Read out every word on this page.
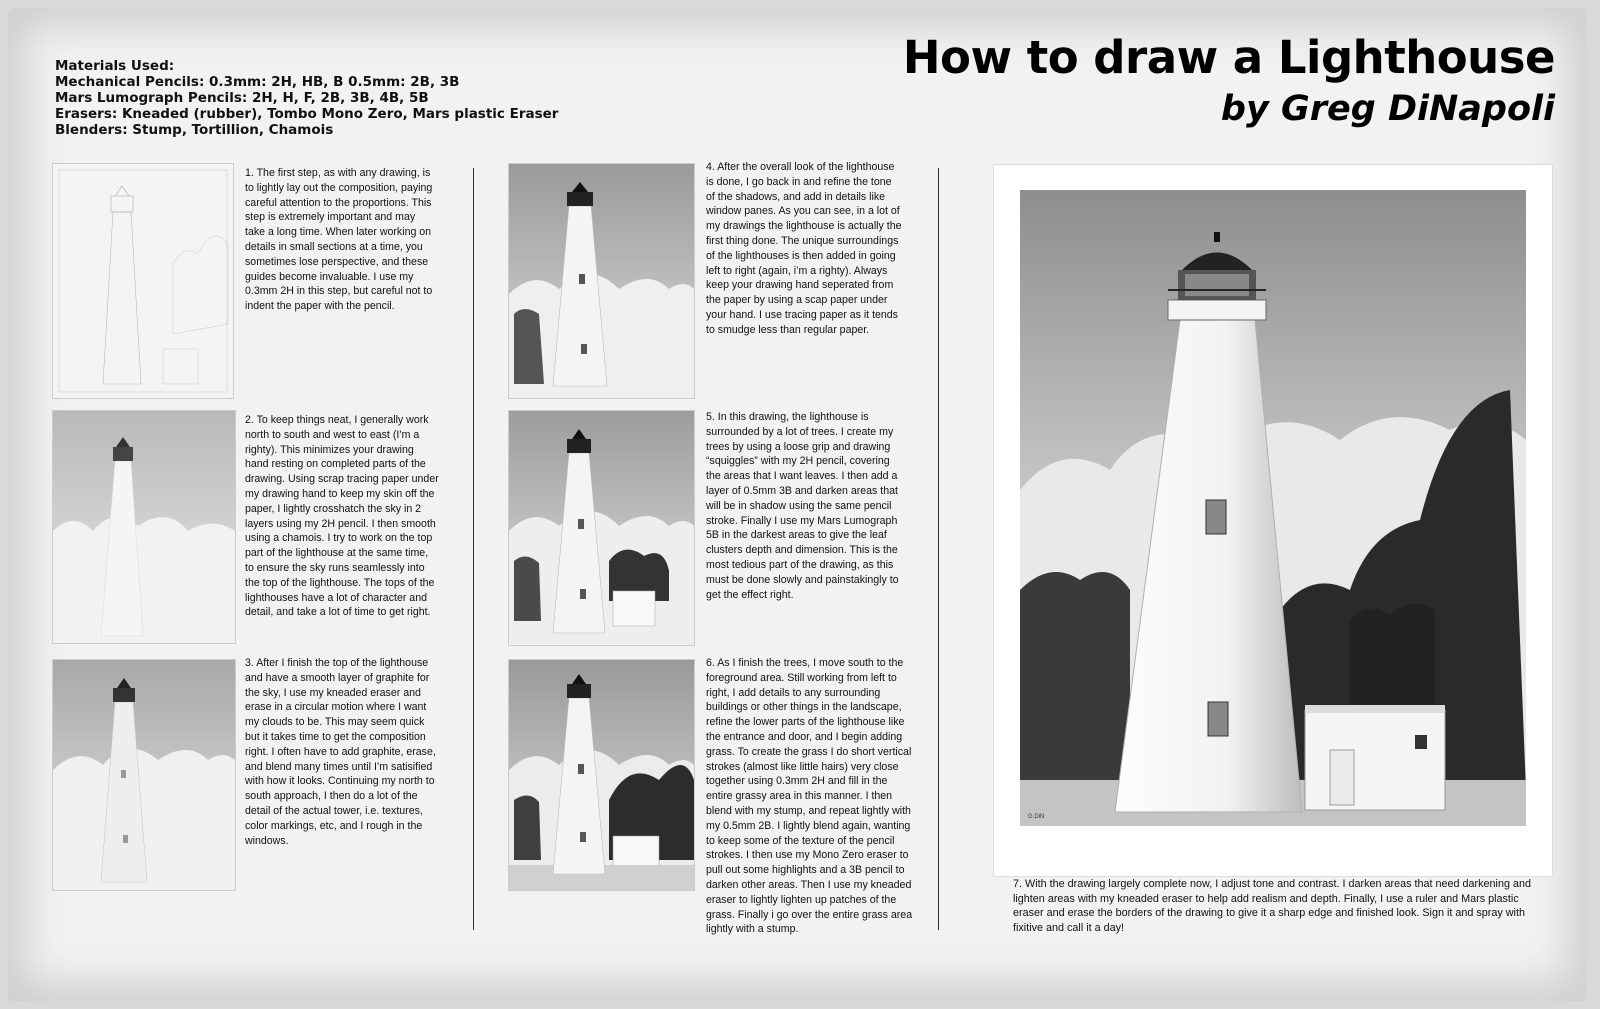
Materials Used:
Mechanical Pencils: 0.3mm: 2H, HB, B 0.5mm: 2B, 3B
Mars Lumograph Pencils: 2H, H, F, 2B, 3B, 4B, 5B
Erasers: Kneaded (rubber), Tombo Mono Zero, Mars plastic Eraser
Blenders: Stump, Tortillion, Chamois
How to draw a Lighthouse
by Greg DiNapoli
1. The first step, as with any drawing, is to lightly lay out the composition, paying careful attention to the proportions. This step is extremely important and may take a long time. When later working on details in small sections at a time, you sometimes lose perspective, and these guides become invaluable. I use my 0.3mm 2H in this step, but careful not to indent the paper with the pencil.
2. To keep things neat, I generally work north to south and west to east (I’m a righty). This minimizes your drawing hand resting on completed parts of the drawing. Using scrap tracing paper under my drawing hand to keep my skin off the paper, I lightly crosshatch the sky in 2 layers using my 2H pencil. I then smooth using a chamois. I try to work on the top part of the lighthouse at the same time, to ensure the sky runs seamlessly into the top of the lighthouse. The tops of the lighthouses have a lot of character and detail, and take a lot of time to get right.
3. After I finish the top of the lighthouse and have a smooth layer of graphite for the sky, I use my kneaded eraser and erase in a circular motion where I want my clouds to be. This may seem quick but it takes time to get the composition right. I often have to add graphite, erase, and blend many times until I’m satisified with how it looks. Continuing my north to south approach, I then do a lot of the detail of the actual tower, i.e. textures, color markings, etc, and I rough in the windows.
4. After the overall look of the lighthouse is done, I go back in and refine the tone of the shadows, and add in details like window panes. As you can see, in a lot of my drawings the lighthouse is actually the first thing done. The unique surroundings of the lighthouses is then added in going left to right (again, i’m a righty). Always keep your drawing hand seperated from the paper by using a scap paper under your hand. I use tracing paper as it tends to smudge less than regular paper.
5. In this drawing, the lighthouse is surrounded by a lot of trees. I create my trees by using a loose grip and drawing “squiggles” with my 2H pencil, covering the areas that I want leaves. I then add a layer of 0.5mm 3B and darken areas that will be in shadow using the same pencil stroke. Finally I use my Mars Lumograph 5B in the darkest areas to give the leaf clusters depth and dimension. This is the most tedious part of the drawing, as this must be done slowly and painstakingly to get the effect right.
6. As I finish the trees, I move south to the foreground area. Still working from left to right, I add details to any surrounding buildings or other things in the landscape, refine the lower parts of the lighthouse like the entrance and door, and I begin adding grass. To create the grass I do short vertical strokes (almost like little hairs) very close together using 0.3mm 2H and fill in the entire grassy area in this manner. I then blend with my stump, and repeat lightly with my 0.5mm 2B. I lightly blend again, wanting to keep some of the texture of the pencil strokes. I then use my Mono Zero eraser to pull out some highlights and a 3B pencil to darken other areas. Then I use my kneaded eraser to lightly lighten up patches of the grass. Finally i go over the entire grass area lightly with a stump.
G.DiN
7. With the drawing largely complete now, I adjust tone and contrast. I darken areas that need darkening and lighten areas with my kneaded eraser to help add realism and depth. Finally, I use a ruler and Mars plastic eraser and erase the borders of the drawing to give it a sharp edge and finished look. Sign it and spray with fixitive and call it a day!
